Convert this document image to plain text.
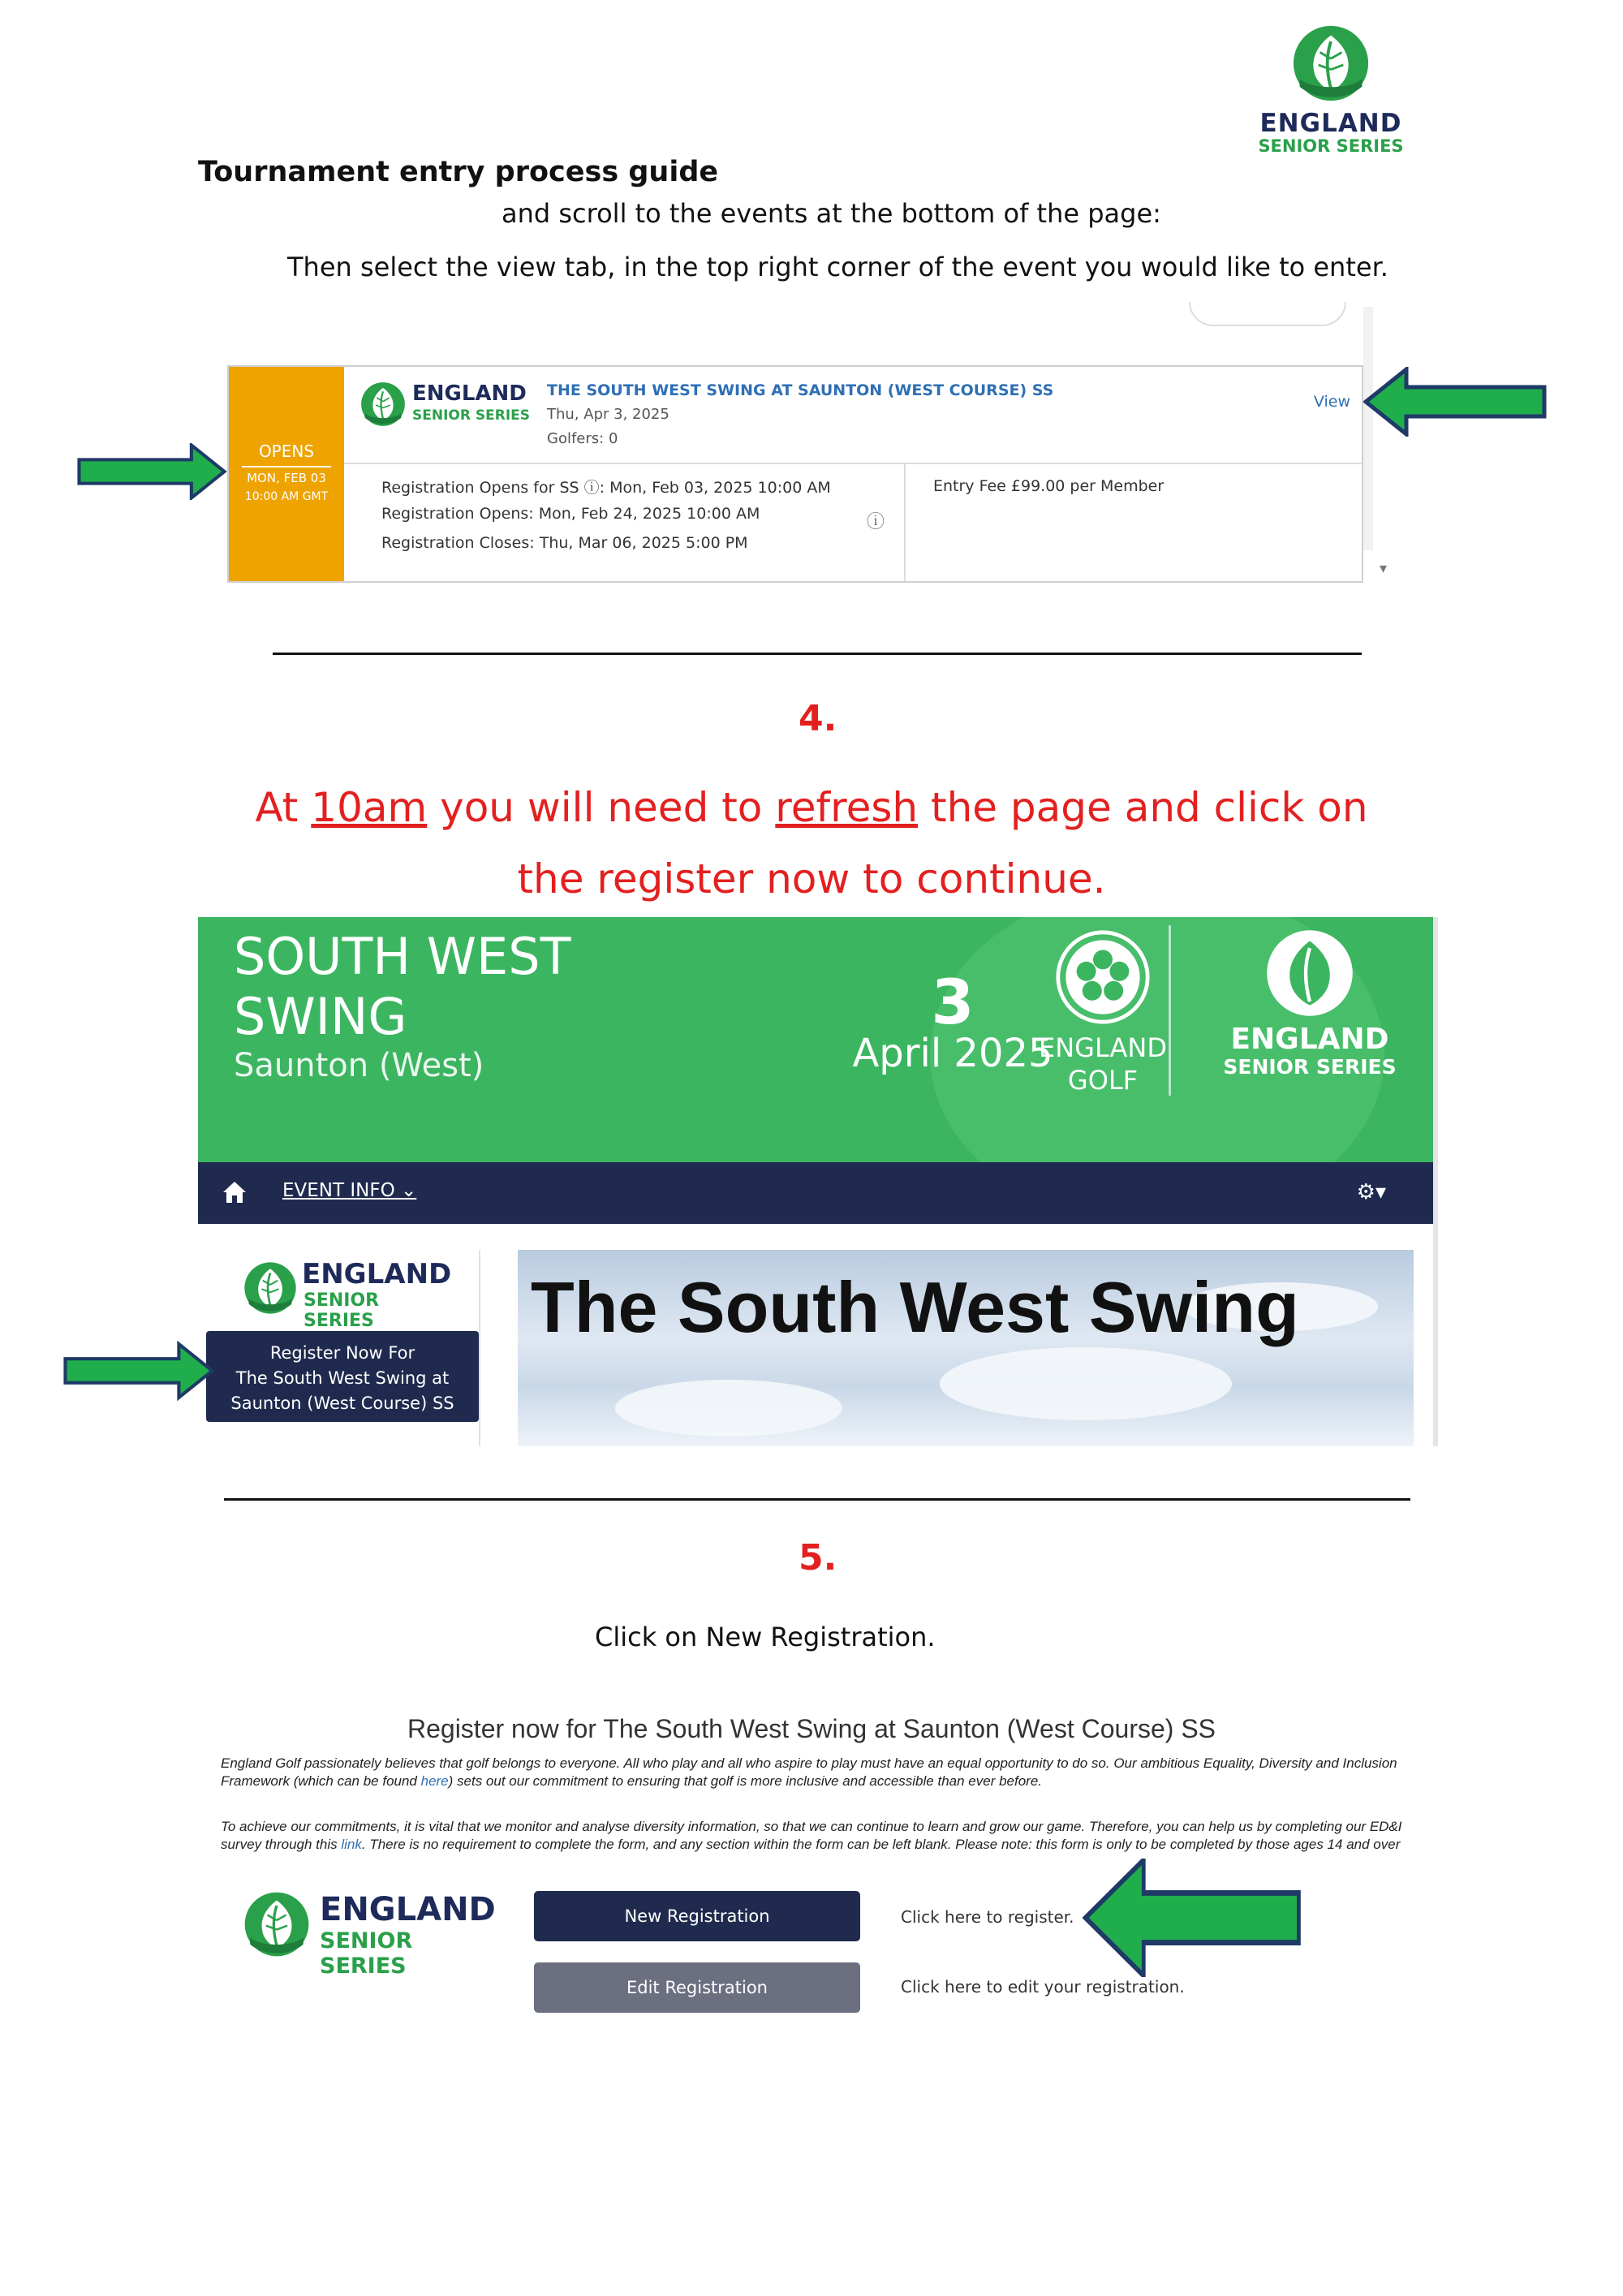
ENGLAND
SENIOR SERIES
Tournament entry process guide
and scroll to the events at the bottom of the page:
Then select the view tab, in the top right corner of the event you would like to enter.
▾
OPENS
MON, FEB 03
10:00 AM GMT
ENGLAND
SENIOR SERIES
THE SOUTH WEST SWING AT SAUNTON (WEST COURSE) SS
Thu, Apr 3, 2025
Golfers: 0
View
Registration Opens for SS ⓘ: Mon, Feb 03, 2025 10:00 AM
Registration Opens: Mon, Feb 24, 2025 10:00 AM
Registration Closes: Thu, Mar 06, 2025 5:00 PM
ⓘ
Entry Fee £99.00 per Member
4.
At 10am you will need to refresh the page and click on
the register now to continue.
SOUTH WEST
SWING
Saunton (West)
3
April 2025
ENGLAND
GOLF
ENGLAND
SENIOR SERIES
EVENT INFO ⌄	⚙▾
ENGLAND
SENIOR SERIES
Register Now For
The South West Swing at
Saunton (West Course) SS
The South West Swing
5.
Click on New Registration.
Register now for The South West Swing at Saunton (West Course) SS
England Golf passionately believes that golf belongs to everyone. All who play and all who aspire to play must have an equal opportunity to do so. Our ambitious Equality, Diversity and Inclusion Framework (which can be found here) sets out our commitment to ensuring that golf is more inclusive and accessible than ever before.
To achieve our commitments, it is vital that we monitor and analyse diversity information, so that we can continue to learn and grow our game. Therefore, you can help us by completing our ED&I survey through this link. There is no requirement to complete the form, and any section within the form can be left blank. Please note: this form is only to be completed by those ages 14 and over
ENGLAND
SENIOR SERIES
New Registration
Edit Registration
Click here to register.
Click here to edit your registration.
